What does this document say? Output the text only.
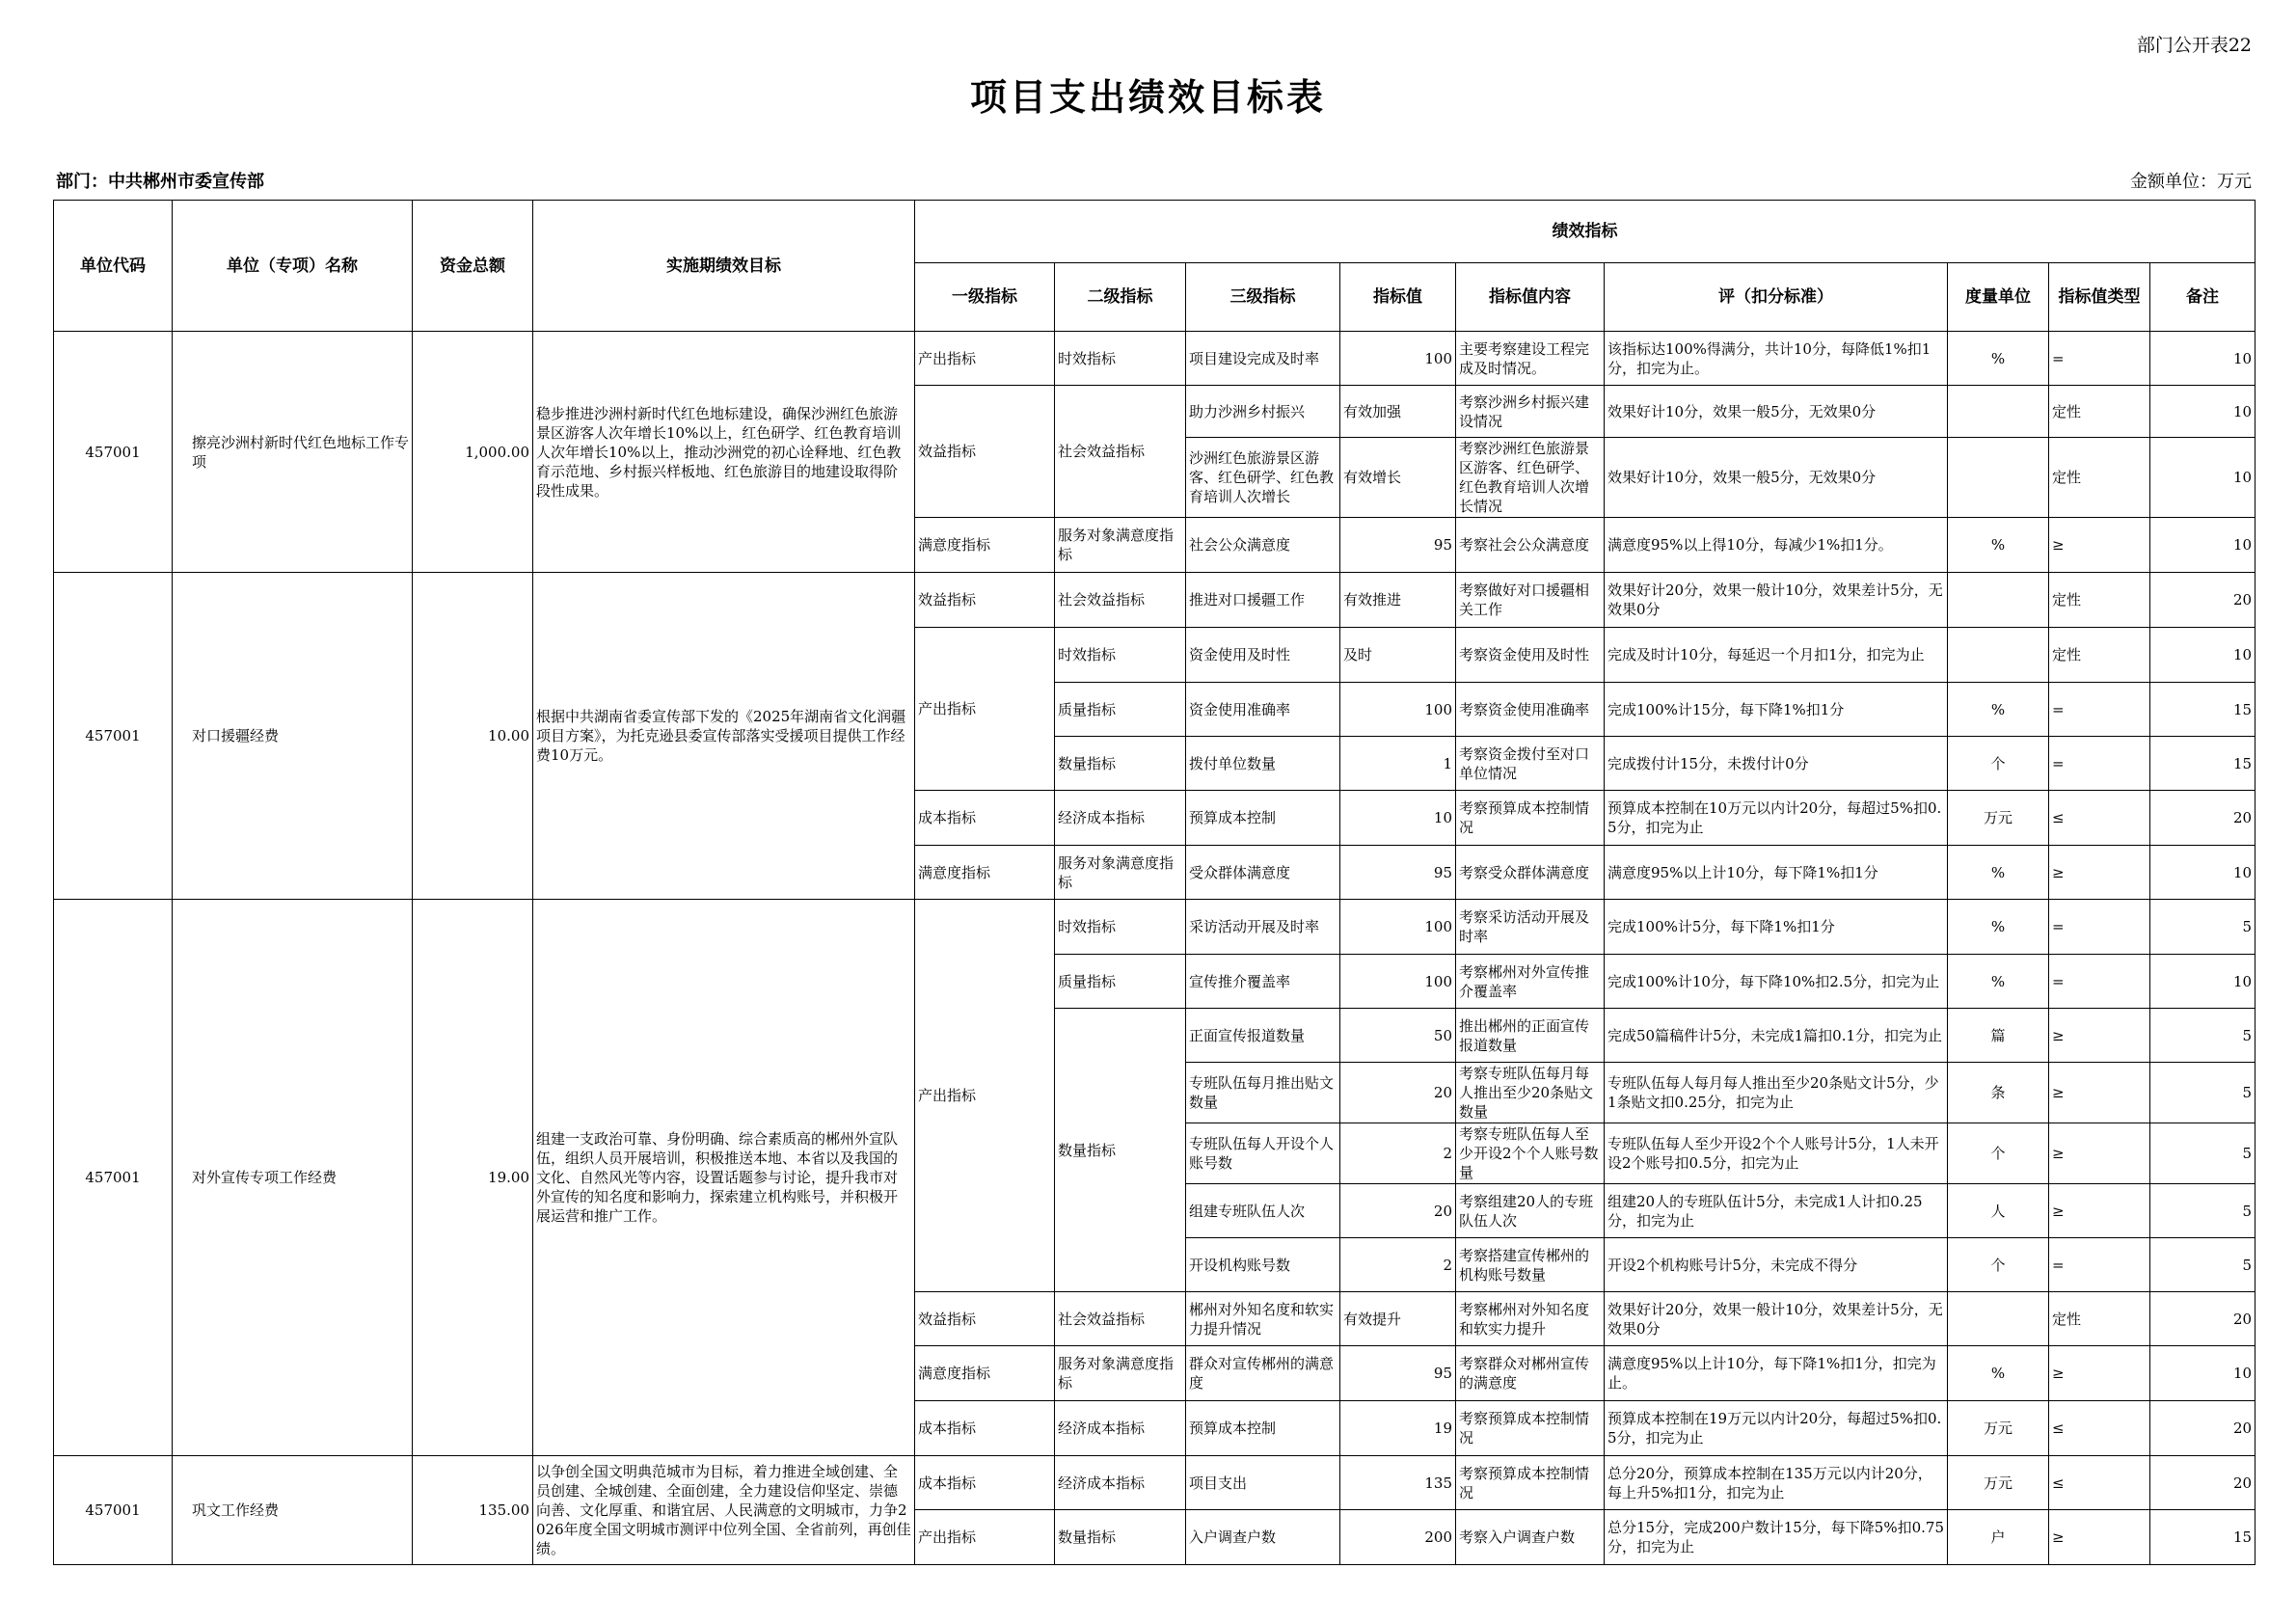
部门公开表22
项目支出绩效目标表
部门：中共郴州市委宣传部	金额单位：万元
单位代码	单位（专项）名称	资金总额	实施期绩效目标	绩效指标								
				一级指标	二级指标	三级指标	指标值	指标值内容	评（扣分标准）	度量单位	指标值类型	备注
457001	擦亮沙洲村新时代红色地标工作专项	1,000.00	稳步推进沙洲村新时代红色地标建设，确保沙洲红色旅游景区游客人次年增长10%以上，红色研学、红色教育培训人次年增长10%以上，推动沙洲党的初心诠释地、红色教育示范地、乡村振兴样板地、红色旅游目的地建设取得阶段性成果。	产出指标	时效指标	项目建设完成及时率	100	主要考察建设工程完成及时情况。	该指标达100%得满分，共计10分，每降低1%扣1分，扣完为止。	%	=	10
				效益指标	社会效益指标	助力沙洲乡村振兴	有效加强	考察沙洲乡村振兴建设情况	效果好计10分，效果一般5分，无效果0分		定性	10
						沙洲红色旅游景区游客、红色研学、红色教育培训人次增长	有效增长	考察沙洲红色旅游景区游客、红色研学、红色教育培训人次增长情况	效果好计10分，效果一般5分，无效果0分		定性	10
				满意度指标	服务对象满意度指标	社会公众满意度	95	考察社会公众满意度	满意度95%以上得10分，每减少1%扣1分。	%	≥	10
457001	对口援疆经费	10.00	根据中共湖南省委宣传部下发的《2025年湖南省文化润疆项目方案》，为托克逊县委宣传部落实受援项目提供工作经费10万元。	效益指标	社会效益指标	推进对口援疆工作	有效推进	考察做好对口援疆相关工作	效果好计20分，效果一般计10分，效果差计5分，无效果0分		定性	20
				产出指标	时效指标	资金使用及时性	及时	考察资金使用及时性	完成及时计10分，每延迟一个月扣1分，扣完为止		定性	10
					质量指标	资金使用准确率	100	考察资金使用准确率	完成100%计15分，每下降1%扣1分	%	=	15
					数量指标	拨付单位数量	1	考察资金拨付至对口单位情况	完成拨付计15分，未拨付计0分	个	=	15
				成本指标	经济成本指标	预算成本控制	10	考察预算成本控制情况	预算成本控制在10万元以内计20分，每超过5%扣0.5分，扣完为止	万元	≤	20
				满意度指标	服务对象满意度指标	受众群体满意度	95	考察受众群体满意度	满意度95%以上计10分，每下降1%扣1分	%	≥	10
457001	对外宣传专项工作经费	19.00	组建一支政治可靠、身份明确、综合素质高的郴州外宣队伍，组织人员开展培训，积极推送本地、本省以及我国的文化、自然风光等内容，设置话题参与讨论，提升我市对外宣传的知名度和影响力，探索建立机构账号，并积极开展运营和推广工作。	产出指标	时效指标	采访活动开展及时率	100	考察采访活动开展及时率	完成100%计5分，每下降1%扣1分	%	=	5
					质量指标	宣传推介覆盖率	100	考察郴州对外宣传推介覆盖率	完成100%计10分，每下降10%扣2.5分，扣完为止	%	=	10
					数量指标	正面宣传报道数量	50	推出郴州的正面宣传报道数量	完成50篇稿件计5分，未完成1篇扣0.1分，扣完为止	篇	≥	5
						专班队伍每月推出贴文数量	20	考察专班队伍每月每人推出至少20条贴文数量	专班队伍每人每月每人推出至少20条贴文计5分，少1条贴文扣0.25分，扣完为止	条	≥	5
						专班队伍每人开设个人账号数	2	考察专班队伍每人至少开设2个个人账号数量	专班队伍每人至少开设2个个人账号计5分，1人未开设2个账号扣0.5分，扣完为止	个	≥	5
						组建专班队伍人次	20	考察组建20人的专班队伍人次	组建20人的专班队伍计5分，未完成1人计扣0.25分，扣完为止	人	≥	5
						开设机构账号数	2	考察搭建宣传郴州的机构账号数量	开设2个机构账号计5分，未完成不得分	个	=	5
				效益指标	社会效益指标	郴州对外知名度和软实力提升情况	有效提升	考察郴州对外知名度和软实力提升	效果好计20分，效果一般计10分，效果差计5分，无效果0分		定性	20
				满意度指标	服务对象满意度指标	群众对宣传郴州的满意度	95	考察群众对郴州宣传的满意度	满意度95%以上计10分，每下降1%扣1分，扣完为止。	%	≥	10
				成本指标	经济成本指标	预算成本控制	19	考察预算成本控制情况	预算成本控制在19万元以内计20分，每超过5%扣0.5分，扣完为止	万元	≤	20
457001	巩文工作经费	135.00	以争创全国文明典范城市为目标，着力推进全域创建、全员创建、全城创建、全面创建，全力建设信仰坚定、崇德向善、文化厚重、和谐宜居、人民满意的文明城市，力争2026年度全国文明城市测评中位列全国、全省前列，再创佳绩。	成本指标	经济成本指标	项目支出	135	考察预算成本控制情况	总分20分，预算成本控制在135万元以内计20分，每上升5%扣1分，扣完为止	万元	≤	20
				产出指标	数量指标	入户调查户数	200	考察入户调查户数	总分15分，完成200户数计15分，每下降5%扣0.75分，扣完为止	户	≥	15
